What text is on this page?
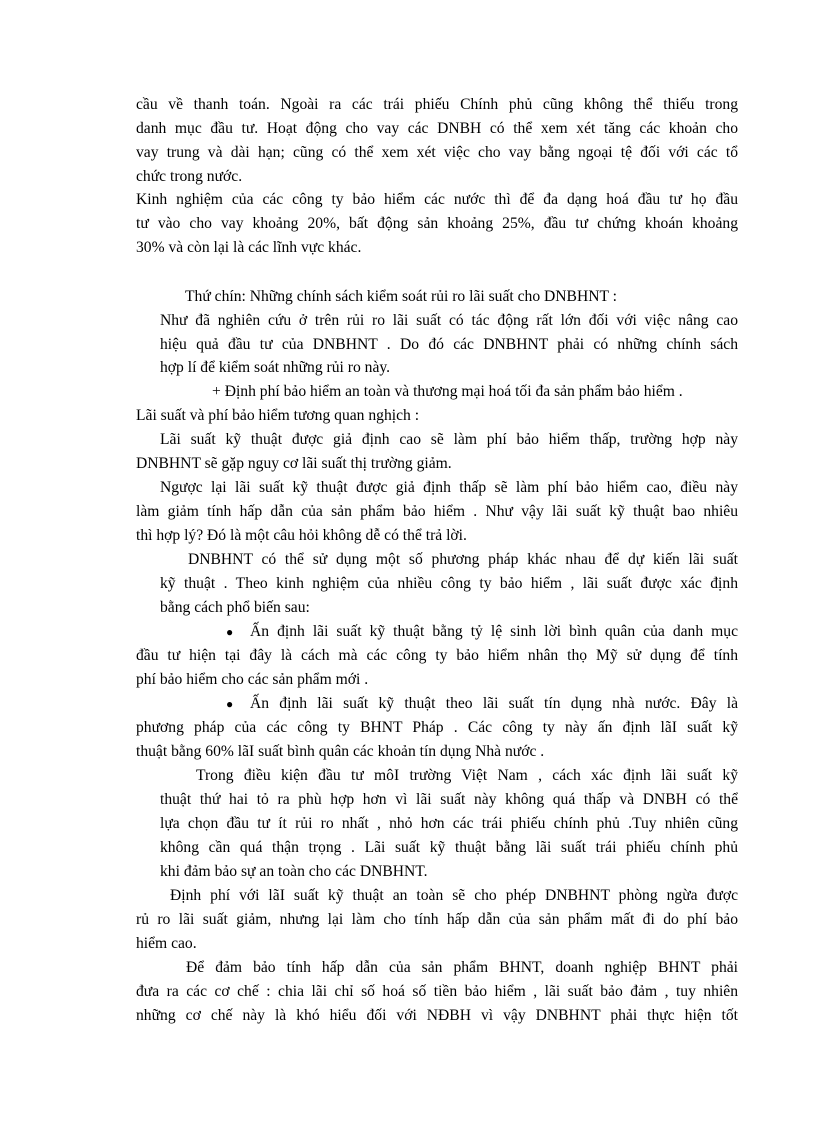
cầu về thanh toán. Ngoài ra các trái phiếu Chính phủ cũng không thể thiếu trong
danh mục đầu tư. Hoạt động cho vay các DNBH có thể xem xét tăng các khoản cho
vay trung và dài hạn; cũng có thể xem xét việc cho vay bằng ngoại tệ đối với các tổ
chức trong nước.
Kinh nghiệm của các công ty bảo hiểm các nước thì để đa dạng hoá đầu tư họ đầu
tư vào cho vay khoảng 20%, bất động sản khoảng 25%, đầu tư chứng khoán khoảng
30% và còn lại là các lĩnh vực khác.
Thứ chín: Những chính sách kiểm soát rủi ro lãi suất cho DNBHNT :
Như đã nghiên cứu ở trên rủi ro lãi suất có tác động rất lớn đối với việc nâng cao
hiệu quả đầu tư của DNBHNT . Do đó các DNBHNT phải có những chính sách
hợp lí để kiểm soát những rủi ro này.
+ Định phí bảo hiểm an toàn và thương mại hoá tối đa sản phẩm bảo hiểm .
Lãi suất và phí bảo hiểm tương quan nghịch :
Lãi suất kỹ thuật được giả định cao sẽ làm phí bảo hiểm thấp, trường hợp này
DNBHNT sẽ gặp nguy cơ lãi suất thị trường giảm.
Ngược lại lãi suất kỹ thuật được giả định thấp sẽ làm phí bảo hiểm cao, điều này
làm giảm tính hấp dẫn của sản phẩm bảo hiểm . Như vậy lãi suất kỹ thuật bao nhiêu
thì hợp lý? Đó là một câu hỏi không dễ có thể trả lời.
DNBHNT có thể sử dụng một số phương pháp khác nhau để dự kiến lãi suất
kỹ thuật . Theo kinh nghiệm của nhiều công ty bảo hiểm , lãi suất được xác định
bằng cách phổ biến sau:
● Ấn định lãi suất kỹ thuật bằng tỷ lệ sinh lời bình quân của danh mục
đầu tư hiện tại đây là cách mà các công ty bảo hiểm nhân thọ Mỹ sử dụng để tính
phí bảo hiểm cho các sản phẩm mới .
● Ấn định lãi suất kỹ thuật theo lãi suất tín dụng nhà nước. Đây là
phương pháp của các công ty BHNT Pháp . Các công ty này ấn định lãI suất kỹ
thuật bằng 60% lãI suất bình quân các khoản tín dụng Nhà nước .
Trong điều kiện đầu tư môI trường Việt Nam , cách xác định lãi suất kỹ
thuật thứ hai tỏ ra phù hợp hơn vì lãi suất này không quá thấp và DNBH có thể
lựa chọn đầu tư ít rủi ro nhất , nhỏ hơn các trái phiếu chính phủ .Tuy nhiên cũng
không cần quá thận trọng . Lãi suất kỹ thuật bằng lãi suất trái phiếu chính phủ
khi đảm bảo sự an toàn cho các DNBHNT.
Định phí với lãI suất kỹ thuật an toàn sẽ cho phép DNBHNT phòng ngừa được
rủ ro lãi suất giảm, nhưng lại làm cho tính hấp dẫn của sản phẩm mất đi do phí bảo
hiểm cao.
Để đảm bảo tính hấp dẫn của sản phẩm BHNT, doanh nghiệp BHNT phải
đưa ra các cơ chế : chia lãi chỉ số hoá số tiền bảo hiểm , lãi suất bảo đảm , tuy nhiên
những cơ chế này là khó hiểu đối với NĐBH vì vậy DNBHNT phải thực hiện tốt
